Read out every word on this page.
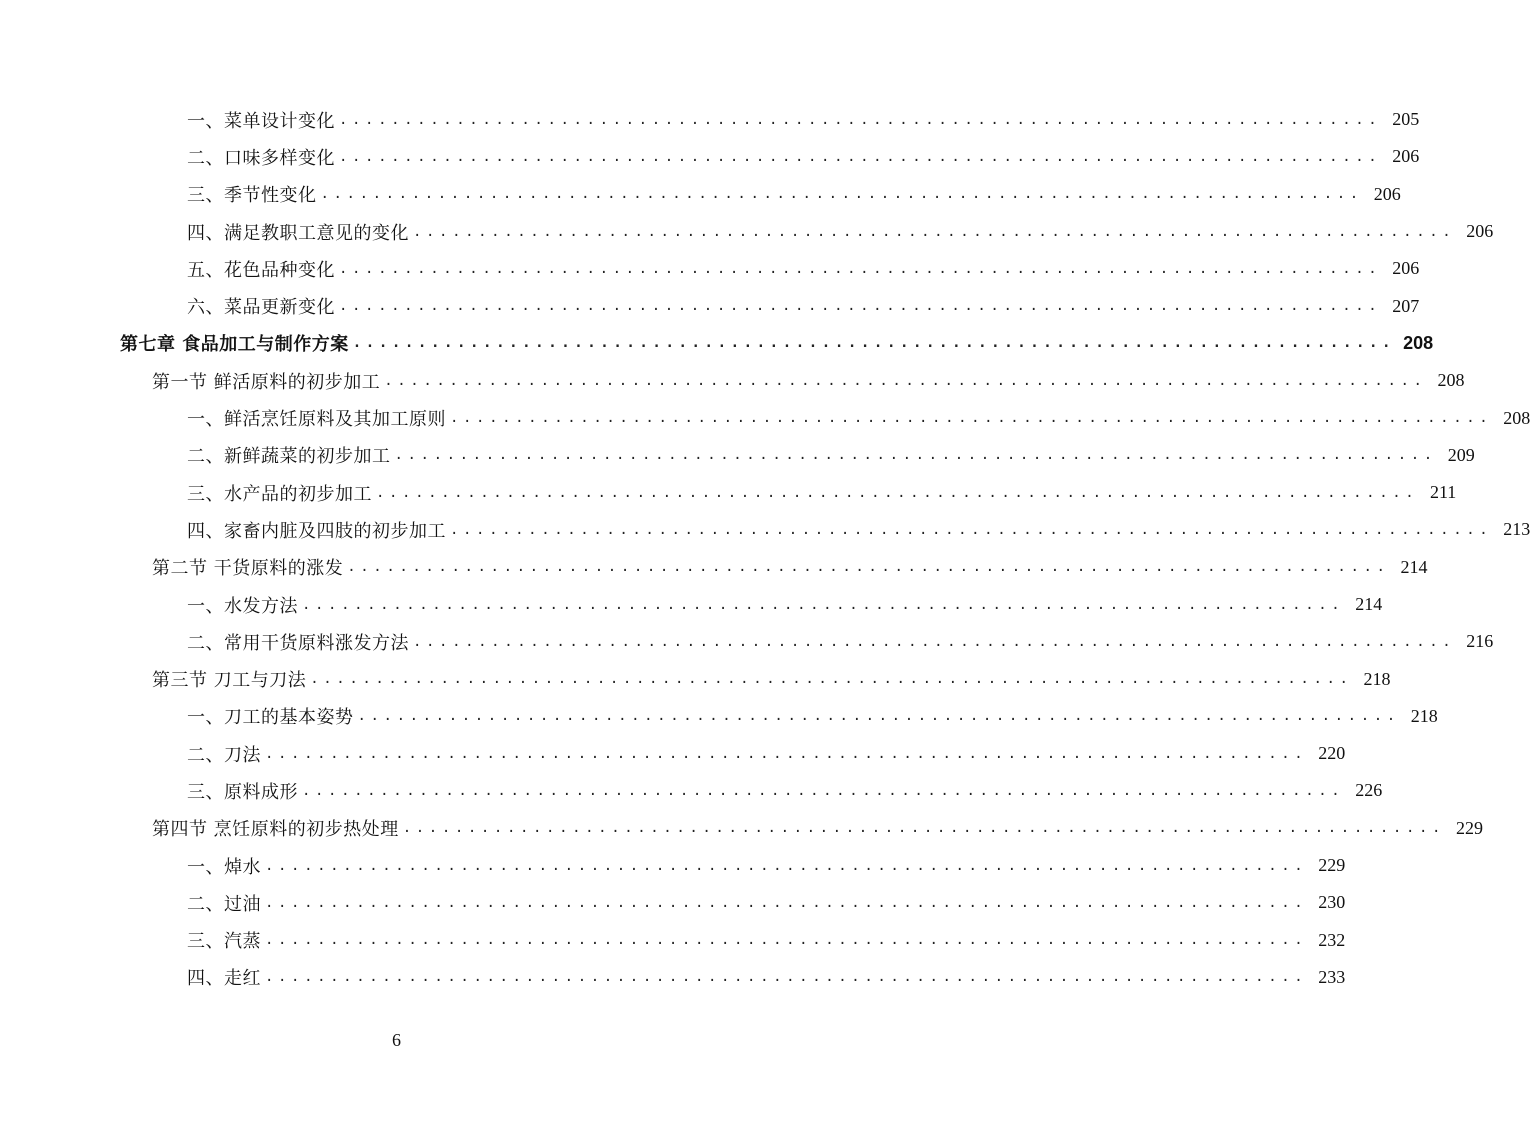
一、菜单设计变化 ................................................................................ 205
二、口味多样变化 ................................................................................ 206
三、季节性变化 ................................................................................ 206
四、满足教职工意见的变化 ................................................................................ 206
五、花色品种变化 ................................................................................ 206
六、菜品更新变化 ................................................................................ 207
第七章 食品加工与制作方案 ................................................................................ 208
第一节 鲜活原料的初步加工 ................................................................................ 208
一、鲜活烹饪原料及其加工原则 ................................................................................ 208
二、新鲜蔬菜的初步加工 ................................................................................ 209
三、水产品的初步加工 ................................................................................ 211
四、家畜内脏及四肢的初步加工 ................................................................................ 213
第二节 干货原料的涨发 ................................................................................ 214
一、水发方法 ................................................................................ 214
二、常用干货原料涨发方法 ................................................................................ 216
第三节 刀工与刀法 ................................................................................ 218
一、刀工的基本姿势 ................................................................................ 218
二、刀法 ................................................................................ 220
三、原料成形 ................................................................................ 226
第四节 烹饪原料的初步热处理 ................................................................................ 229
一、焯水 ................................................................................ 229
二、过油 ................................................................................ 230
三、汽蒸 ................................................................................ 232
四、走红 ................................................................................ 233
6
